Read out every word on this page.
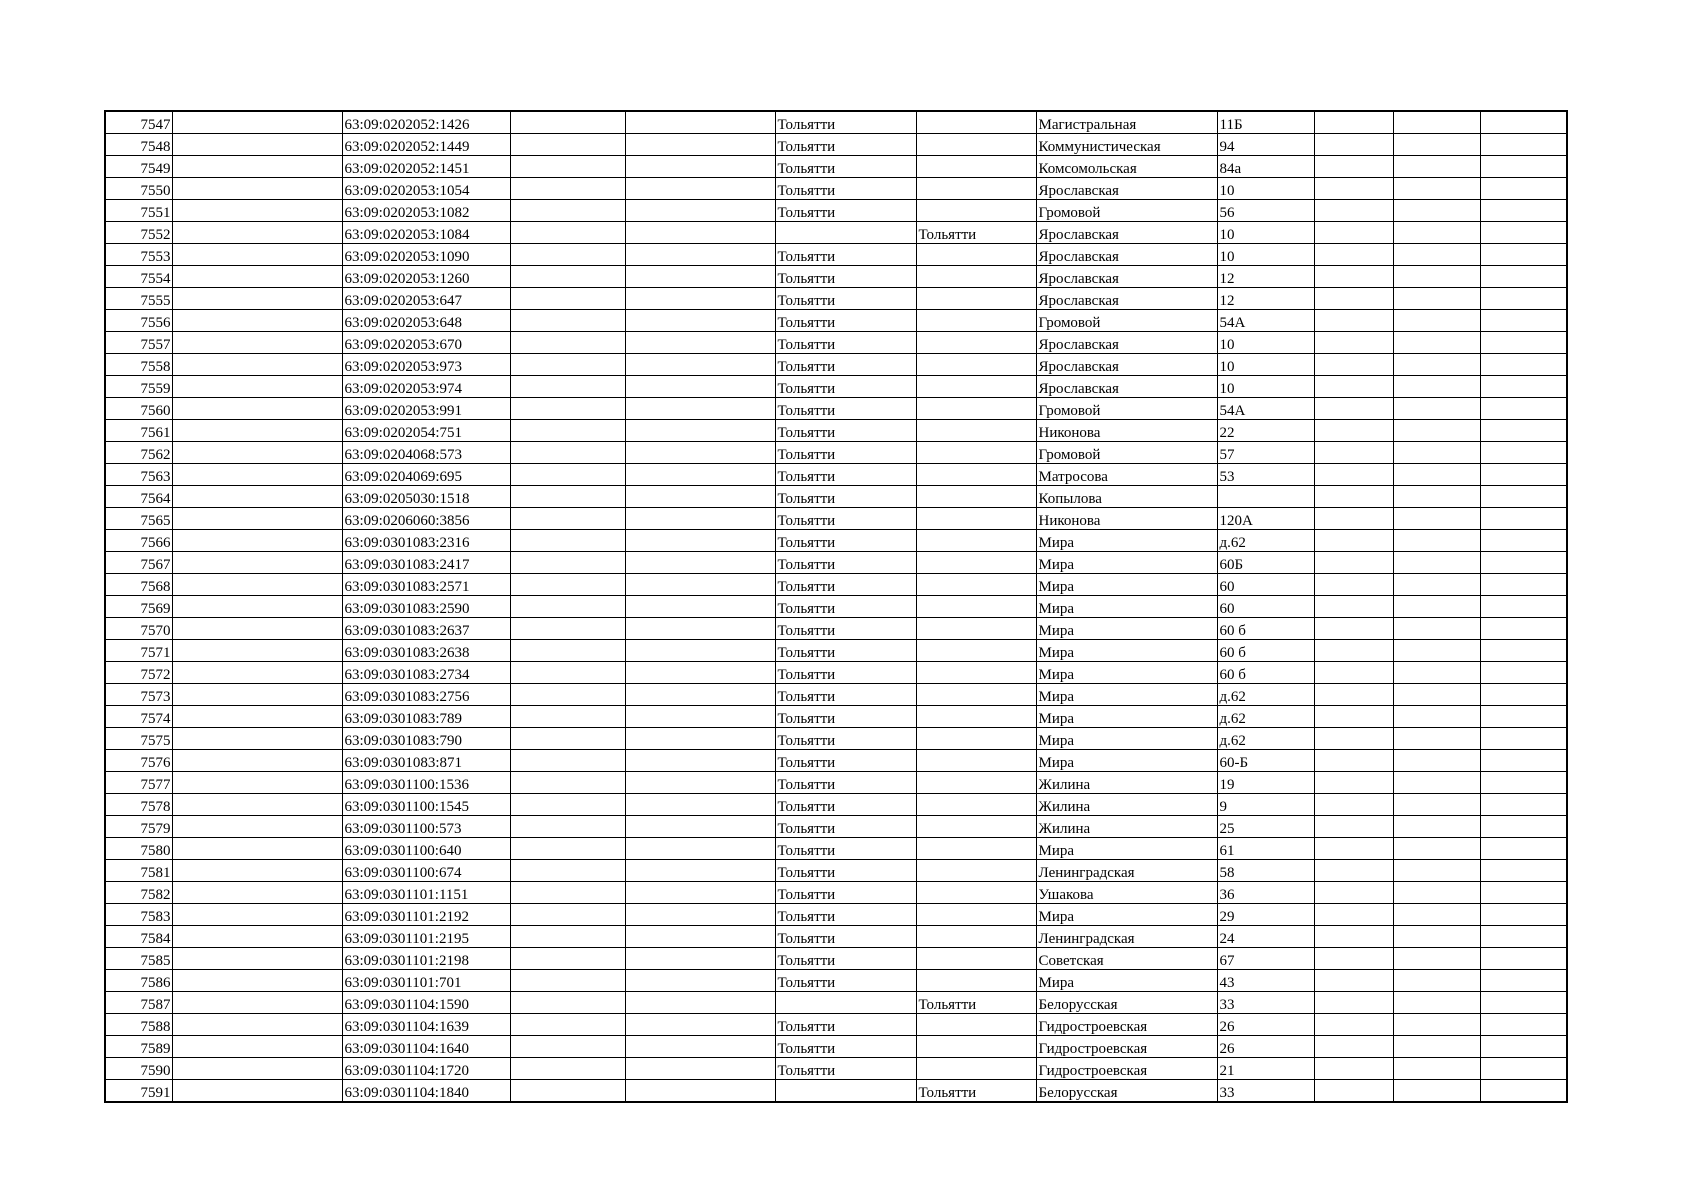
7547		63:09:0202052:1426			Тольятти		Магистральная	11Б			
7548		63:09:0202052:1449			Тольятти		Коммунистическая	94			
7549		63:09:0202052:1451			Тольятти		Комсомольская	84а			
7550		63:09:0202053:1054			Тольятти		Ярославская	10			
7551		63:09:0202053:1082			Тольятти		Громовой	56			
7552		63:09:0202053:1084				Тольятти	Ярославская	10			
7553		63:09:0202053:1090			Тольятти		Ярославская	10			
7554		63:09:0202053:1260			Тольятти		Ярославская	12			
7555		63:09:0202053:647			Тольятти		Ярославская	12			
7556		63:09:0202053:648			Тольятти		Громовой	54А			
7557		63:09:0202053:670			Тольятти		Ярославская	10			
7558		63:09:0202053:973			Тольятти		Ярославская	10			
7559		63:09:0202053:974			Тольятти		Ярославская	10			
7560		63:09:0202053:991			Тольятти		Громовой	54А			
7561		63:09:0202054:751			Тольятти		Никонова	22			
7562		63:09:0204068:573			Тольятти		Громовой	57			
7563		63:09:0204069:695			Тольятти		Матросова	53			
7564		63:09:0205030:1518			Тольятти		Копылова				
7565		63:09:0206060:3856			Тольятти		Никонова	120А			
7566		63:09:0301083:2316			Тольятти		Мира	д.62			
7567		63:09:0301083:2417			Тольятти		Мира	60Б			
7568		63:09:0301083:2571			Тольятти		Мира	60			
7569		63:09:0301083:2590			Тольятти		Мира	60			
7570		63:09:0301083:2637			Тольятти		Мира	60 б			
7571		63:09:0301083:2638			Тольятти		Мира	60 б			
7572		63:09:0301083:2734			Тольятти		Мира	60 б			
7573		63:09:0301083:2756			Тольятти		Мира	д.62			
7574		63:09:0301083:789			Тольятти		Мира	д.62			
7575		63:09:0301083:790			Тольятти		Мира	д.62			
7576		63:09:0301083:871			Тольятти		Мира	60-Б			
7577		63:09:0301100:1536			Тольятти		Жилина	19			
7578		63:09:0301100:1545			Тольятти		Жилина	9			
7579		63:09:0301100:573			Тольятти		Жилина	25			
7580		63:09:0301100:640			Тольятти		Мира	61			
7581		63:09:0301100:674			Тольятти		Ленинградская	58			
7582		63:09:0301101:1151			Тольятти		Ушакова	36			
7583		63:09:0301101:2192			Тольятти		Мира	29			
7584		63:09:0301101:2195			Тольятти		Ленинградская	24			
7585		63:09:0301101:2198			Тольятти		Советская	67			
7586		63:09:0301101:701			Тольятти		Мира	43			
7587		63:09:0301104:1590				Тольятти	Белорусская	33			
7588		63:09:0301104:1639			Тольятти		Гидростроевская	26			
7589		63:09:0301104:1640			Тольятти		Гидростроевская	26			
7590		63:09:0301104:1720			Тольятти		Гидростроевская	21			
7591		63:09:0301104:1840				Тольятти	Белорусская	33			
